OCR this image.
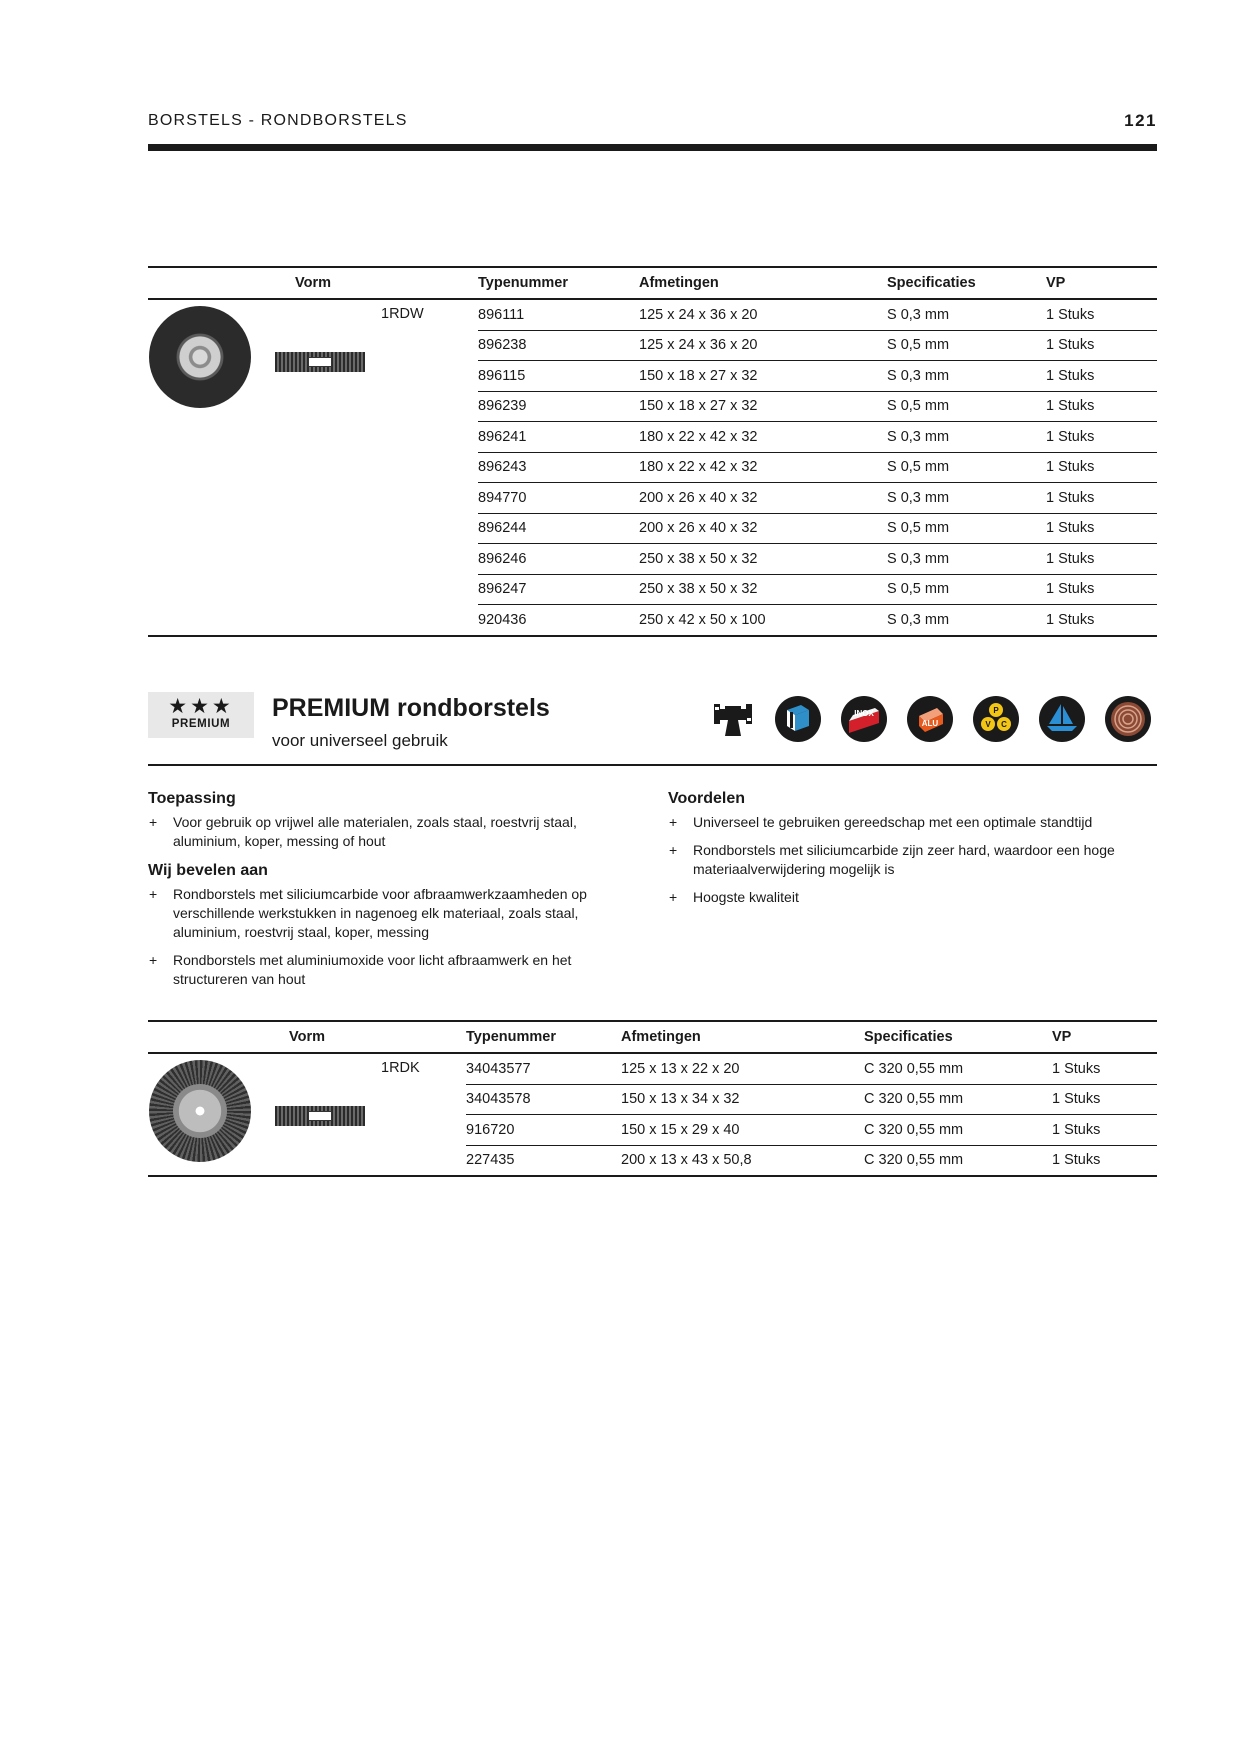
BORSTELS - RONDBORSTELS	121
Vorm		Typenummer	Afmetingen	Specificaties	VP

	1RDW	896111	125 x 24 x 36 x 20	S 0,3 mm	1 Stuks
		896238	125 x 24 x 36 x 20	S 0,5 mm	1 Stuks
		896115	150 x 18 x 27 x 32	S 0,3 mm	1 Stuks
		896239	150 x 18 x 27 x 32	S 0,5 mm	1 Stuks
		896241	180 x 22 x 42 x 32	S 0,3 mm	1 Stuks
		896243	180 x 22 x 42 x 32	S 0,5 mm	1 Stuks
		894770	200 x 26 x 40 x 32	S 0,3 mm	1 Stuks
		896244	200 x 26 x 40 x 32	S 0,5 mm	1 Stuks
		896246	250 x 38 x 50 x 32	S 0,3 mm	1 Stuks
		896247	250 x 38 x 50 x 32	S 0,5 mm	1 Stuks
		920436	250 x 42 x 50 x 100	S 0,3 mm	1 Stuks
★★★
PREMIUM
PREMIUM rondborstels
voor universeel gebruik
INOX
ALU
P
V C
Toepassing
+ Voor gebruik op vrijwel alle materialen, zoals staal, roestvrij staal, aluminium, koper, messing of hout
Wij bevelen aan
+ Rondborstels met siliciumcarbide voor afbraamwerkzaamheden op verschillende werkstukken in nagenoeg elk materiaal, zoals staal, aluminium, roestvrij staal, koper, messing
+ Rondborstels met aluminiumoxide voor licht afbraamwerk en het structureren van hout
Voordelen
+ Universeel te gebruiken gereedschap met een optimale standtijd
+ Rondborstels met siliciumcarbide zijn zeer hard, waardoor een hoge materiaalverwijdering mogelijk is
+ Hoogste kwaliteit
Vorm		Typenummer	Afmetingen	Specificaties	VP

	1RDK	34043577	125 x 13 x 22 x 20	C 320 0,55 mm	1 Stuks
		34043578	150 x 13 x 34 x 32	C 320 0,55 mm	1 Stuks
		916720	150 x 15 x 29 x 40	C 320 0,55 mm	1 Stuks
		227435	200 x 13 x 43 x 50,8	C 320 0,55 mm	1 Stuks
